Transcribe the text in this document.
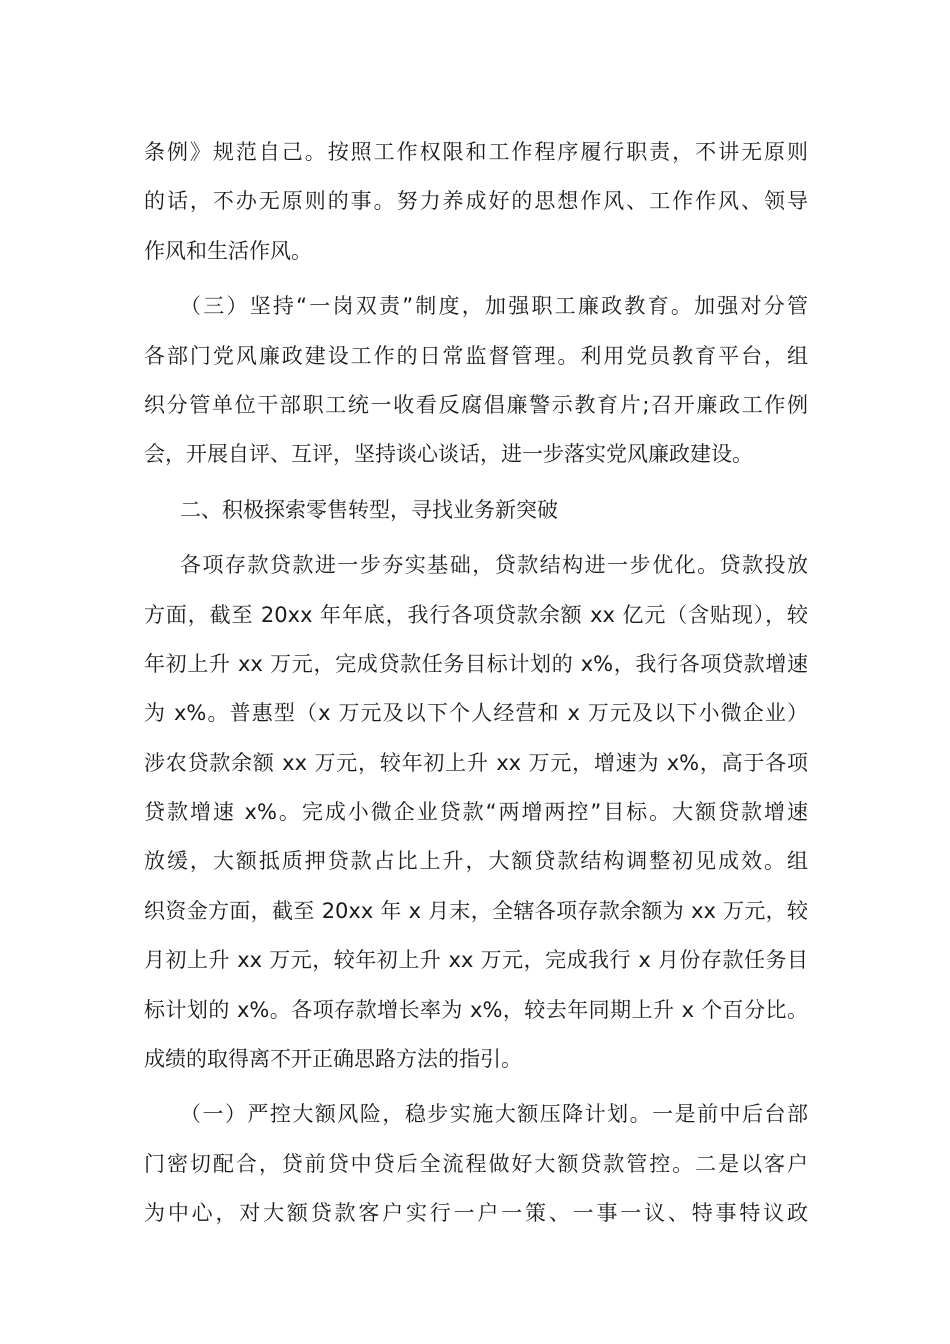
条例》规范自己。按照工作权限和工作程序履行职责，不讲无原则
的话，不办无原则的事。努力养成好的思想作风、工作作风、领导
作风和生活作风。
（三）坚持“一岗双责”制度，加强职工廉政教育。加强对分管
各部门党风廉政建设工作的日常监督管理。利用党员教育平台，组
织分管单位干部职工统一收看反腐倡廉警示教育片;召开廉政工作例
会，开展自评、互评，坚持谈心谈话，进一步落实党风廉政建设。
二、积极探索零售转型，寻找业务新突破
各项存款贷款进一步夯实基础，贷款结构进一步优化。贷款投放
方面，截至 20xx 年年底，我行各项贷款余额 xx 亿元（含贴现），较
年初上升 xx 万元，完成贷款任务目标计划的 x%，我行各项贷款增速
为 x%。普惠型（x 万元及以下个人经营和 x 万元及以下小微企业）
涉农贷款余额 xx 万元，较年初上升 xx 万元，增速为 x%，高于各项
贷款增速 x%。完成小微企业贷款“两增两控”目标。大额贷款增速
放缓，大额抵质押贷款占比上升，大额贷款结构调整初见成效。组
织资金方面，截至 20xx 年 x 月末，全辖各项存款余额为 xx 万元，较
月初上升 xx 万元，较年初上升 xx 万元，完成我行 x 月份存款任务目
标计划的 x%。各项存款增长率为 x%，较去年同期上升 x 个百分比。
成绩的取得离不开正确思路方法的指引。
（一）严控大额风险，稳步实施大额压降计划。一是前中后台部
门密切配合，贷前贷中贷后全流程做好大额贷款管控。二是以客户
为中心，对大额贷款客户实行一户一策、一事一议、特事特议政
